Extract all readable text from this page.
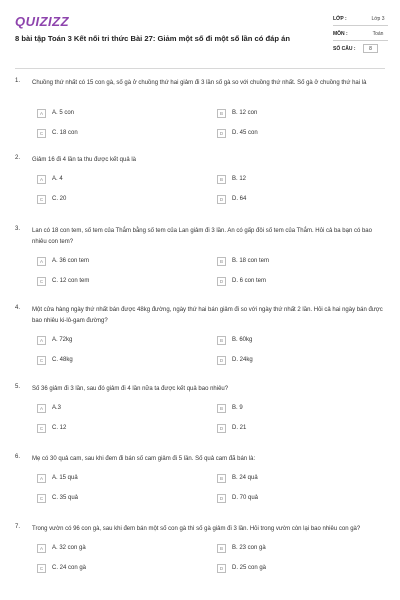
QUIZIZZ
8 bài tập Toán 3 Kết nối tri thức Bài 27: Giảm một số đi một số lần có đáp án
LỚP :	Lớp 3
MÔN :	Toán
SỐ CÂU :	8
1. Chuồng thứ nhất có 15 con gà, số gà ở chuồng thứ hai giảm đi 3 lần số gà so với chuồng thứ nhất. Số gà ở chuồng thứ hai là
A	A. 5 con	B	B. 12 con
C	C. 18 con	D	D. 45 con
2. Giảm 16 đi 4 lần ta thu được kết quả là
A	A. 4	B	B. 12
C	C. 20	D	D. 64
3. Lan có 18 con tem, số tem của Thắm bằng số tem của Lan giảm đi 3 lần. An có gấp đôi số tem của Thắm. Hỏi cả ba bạn có bao nhiêu con tem?
A	A. 36 con tem	B	B. 18 con tem
C	C. 12 con tem	D	D. 6 con tem
4. Một cửa hàng ngày thứ nhất bán được 48kg đường, ngày thứ hai bán giảm đi so với ngày thứ nhất 2 lần. Hỏi cả hai ngày bán được bao nhiêu ki-lô-gam đường?
A	A. 72kg	B	B. 60kg
C	C. 48kg	D	D. 24kg
5. Số 36 giảm đi 3 lần, sau đó giảm đi 4 lần nữa ta được kết quả bao nhiêu?
A	A.3	B	B. 9
C	C. 12	D	D. 21
6. Mẹ có 30 quả cam, sau khi đem đi bán số cam giảm đi 5 lần. Số quả cam đã bán là:
A	A. 15 quả	B	B. 24 quả
C	C. 35 quả	D	D. 70 quả
7. Trong vườn có 96 con gà, sau khi đem bán một số con gà thì số gà giảm đi 3 lần. Hỏi trong vườn còn lại bao nhiêu con gà?
A	A. 32 con gà	B	B. 23 con gà
C	C. 24 con gà	D	D. 25 con gà
